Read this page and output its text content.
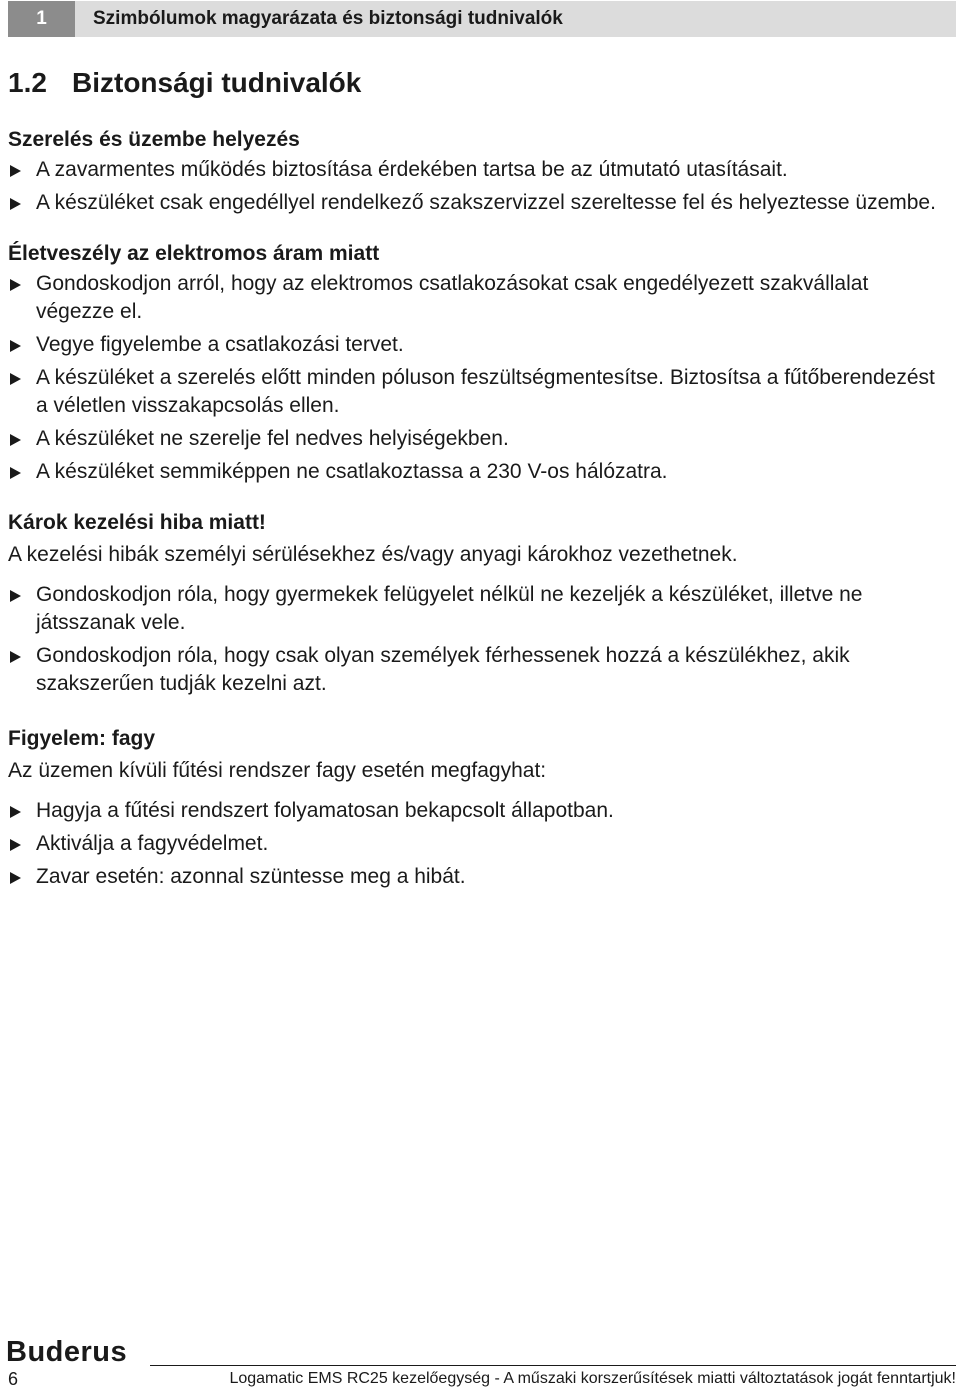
1	Szimbólumok magyarázata és biztonsági tudnivalók
1.2 Biztonsági tudnivalók
Szerelés és üzembe helyezés
A zavarmentes működés biztosítása érdekében tartsa be az útmutató utasításait.
A készüléket csak engedéllyel rendelkező szakszervizzel szereltesse fel és helyeztesse üzembe.
Életveszély az elektromos áram miatt
Gondoskodjon arról, hogy az elektromos csatlakozásokat csak engedélyezett szakvállalat végezze el.
Vegye figyelembe a csatlakozási tervet.
A készüléket a szerelés előtt minden póluson feszültségmentesítse. Biztosítsa a fűtőberendezést a véletlen visszakapcsolás ellen.
A készüléket ne szerelje fel nedves helyiségekben.
A készüléket semmiképpen ne csatlakoztassa a 230 V-os hálózatra.
Károk kezelési hiba miatt!

A kezelési hibák személyi sérülésekhez és/vagy anyagi károkhoz vezethetnek.

Gondoskodjon róla, hogy gyermekek felügyelet nélkül ne kezeljék a készüléket, illetve ne játsszanak vele.
Gondoskodjon róla, hogy csak olyan személyek férhessenek hozzá a készülékhez, akik szakszerűen tudják kezelni azt.
Figyelem: fagy

Az üzemen kívüli fűtési rendszer fagy esetén megfagyhat:

Hagyja a fűtési rendszert folyamatosan bekapcsolt állapotban.
Aktiválja a fagyvédelmet.
Zavar esetén: azonnal szüntesse meg a hibát.
Buderus
6	Logamatic EMS RC25 kezelőegység - A műszaki korszerűsítések miatti változtatások jogát fenntartjuk!
